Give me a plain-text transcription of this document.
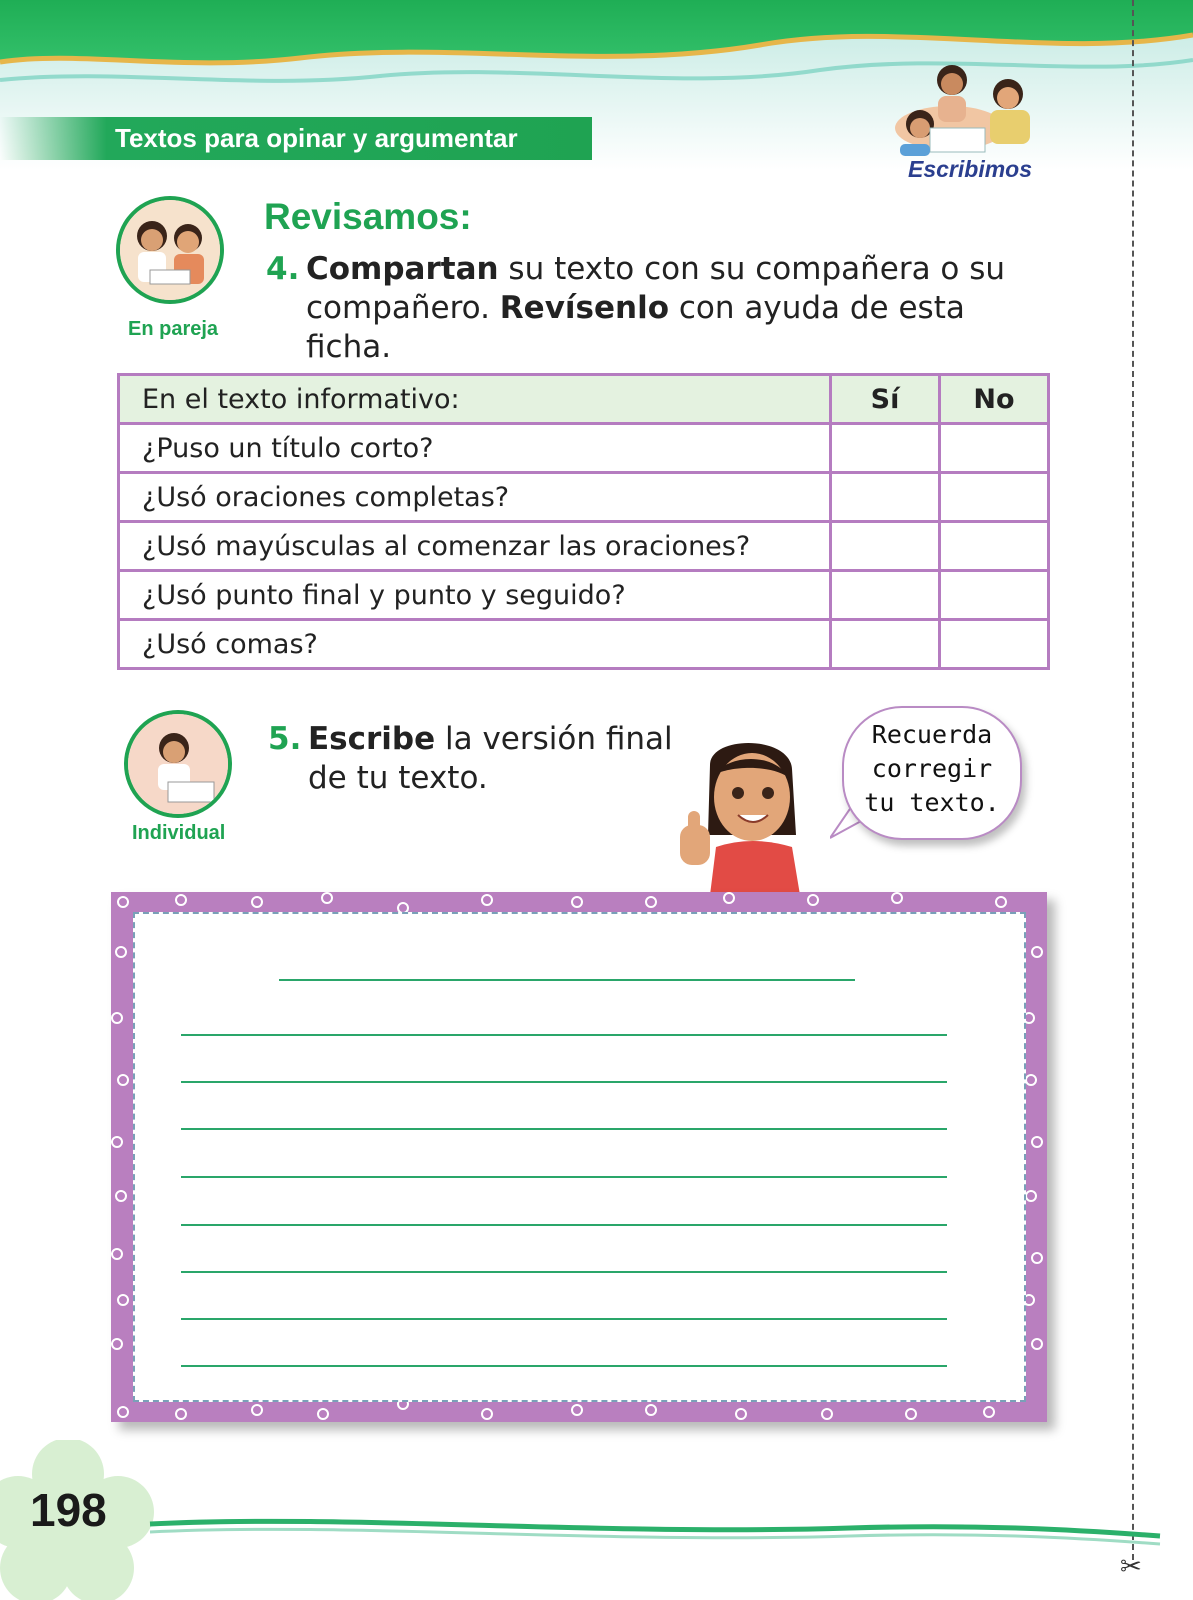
Textos para opinar y argumentar
Escribimos
✂
En pareja
Revisamos:
4. Compartan su texto con su compañera o su compañero. Revísenlo con ayuda de esta ficha.
En el texto informativo:	Sí	No
¿Puso un título corto?		
¿Usó oraciones completas?		
¿Usó mayúsculas al comenzar las oraciones?		
¿Usó punto final y punto y seguido?		
¿Usó comas?		
Individual
5. Escribe la versión final de tu texto.
Recuerda
corregir
tu texto.
198
